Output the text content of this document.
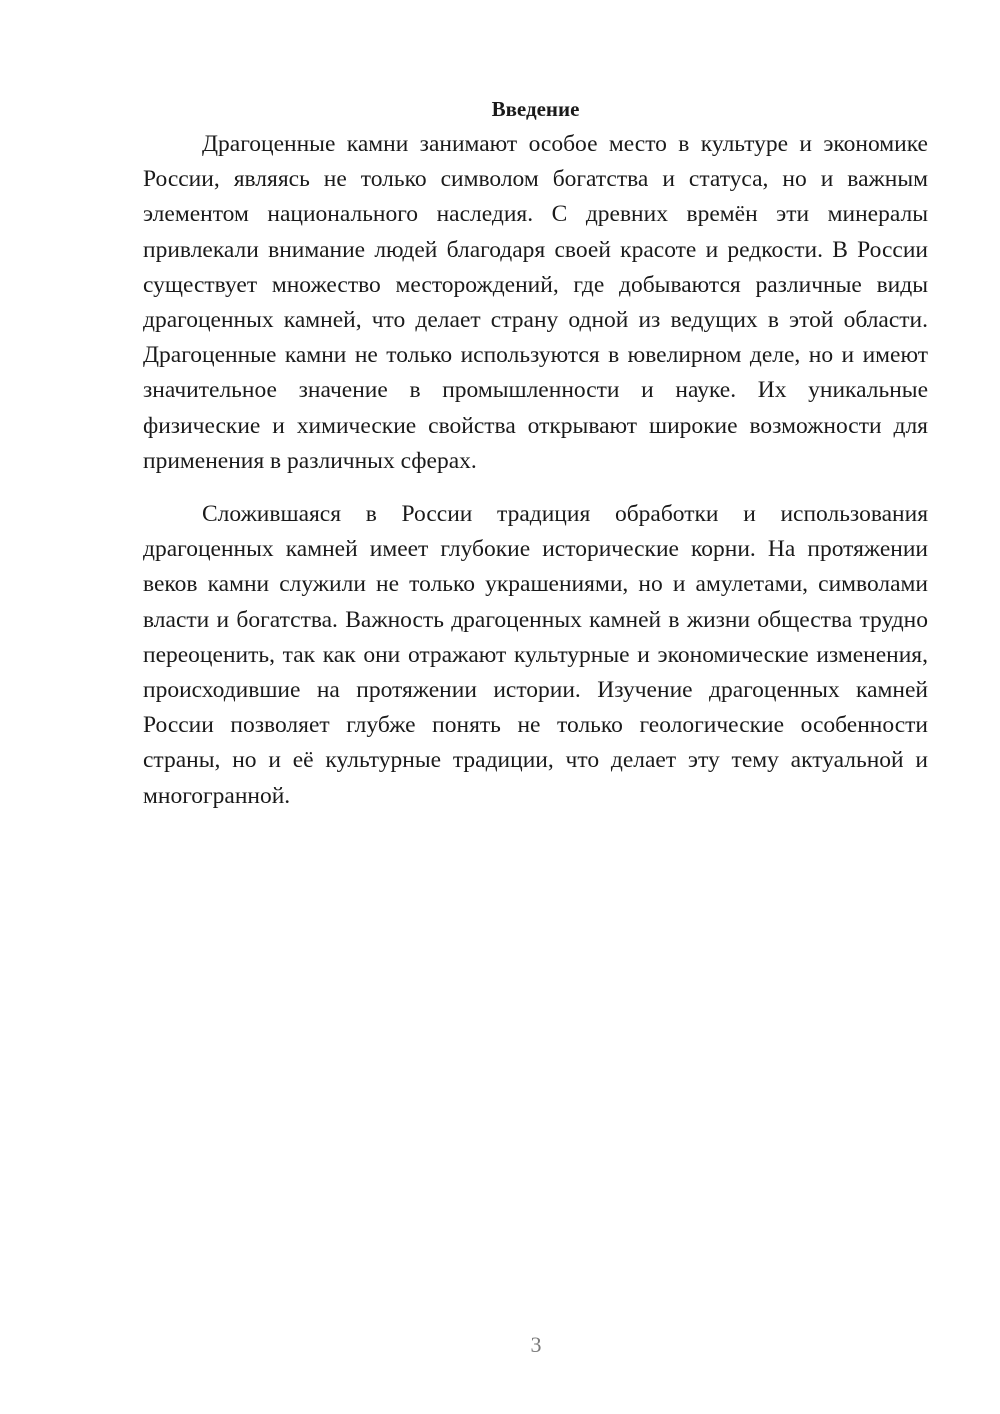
Введение

Драгоценные камни занимают особое место в культуре и экономике России, являясь не только символом богатства и статуса, но и важным элементом национального наследия. С древних времён эти минералы привлекали внимание людей благодаря своей красоте и редкости. В России существует множество месторождений, где добываются различные виды драгоценных камней, что делает страну одной из ведущих в этой области. Драгоценные камни не только используются в ювелирном деле, но и имеют значительное значение в промышленности и науке. Их уникальные физические и химические свойства открывают широкие возможности для применения в различных сферах.

Сложившаяся в России традиция обработки и использования драгоценных камней имеет глубокие исторические корни. На протяжении веков камни служили не только украшениями, но и амулетами, символами власти и богатства. Важность драгоценных камней в жизни общества трудно переоценить, так как они отражают культурные и экономические изменения, происходившие на протяжении истории. Изучение драгоценных камней России позволяет глубже понять не только геологические особенности страны, но и её культурные традиции, что делает эту тему актуальной и многогранной.

3
